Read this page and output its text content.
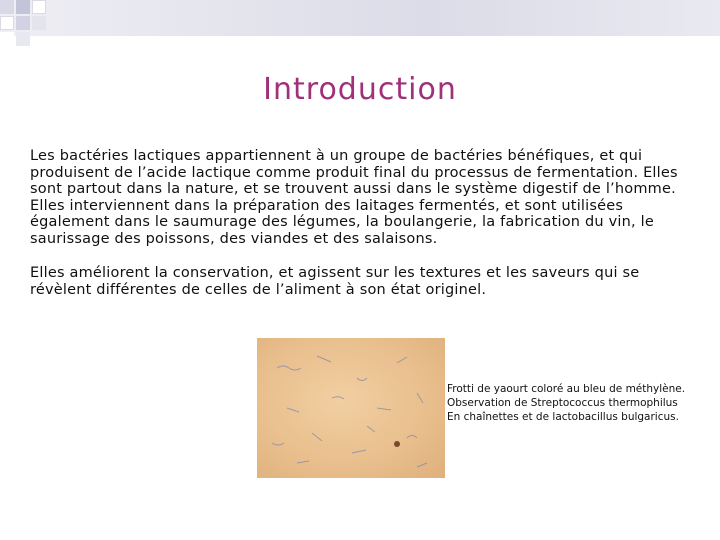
Introduction

Les bactéries lactiques appartiennent à un groupe de bactéries bénéfiques, et qui produisent de l’acide lactique comme produit final du processus de fermentation. Elles sont partout dans la nature, et se trouvent aussi dans le système digestif de l’homme. Elles interviennent dans la préparation des laitages fermentés, et sont utilisées également dans le saumurage des légumes, la boulangerie, la fabrication du vin, le saurissage des poissons, des viandes et des salaisons.

Elles améliorent la conservation, et agissent sur les textures et les saveurs qui se révèlent différentes de celles de l’aliment à son état originel.

Frotti de yaourt coloré au bleu de méthylène.
Observation de Streptococcus thermophilus
En chaînettes et de lactobacillus bulgaricus.
